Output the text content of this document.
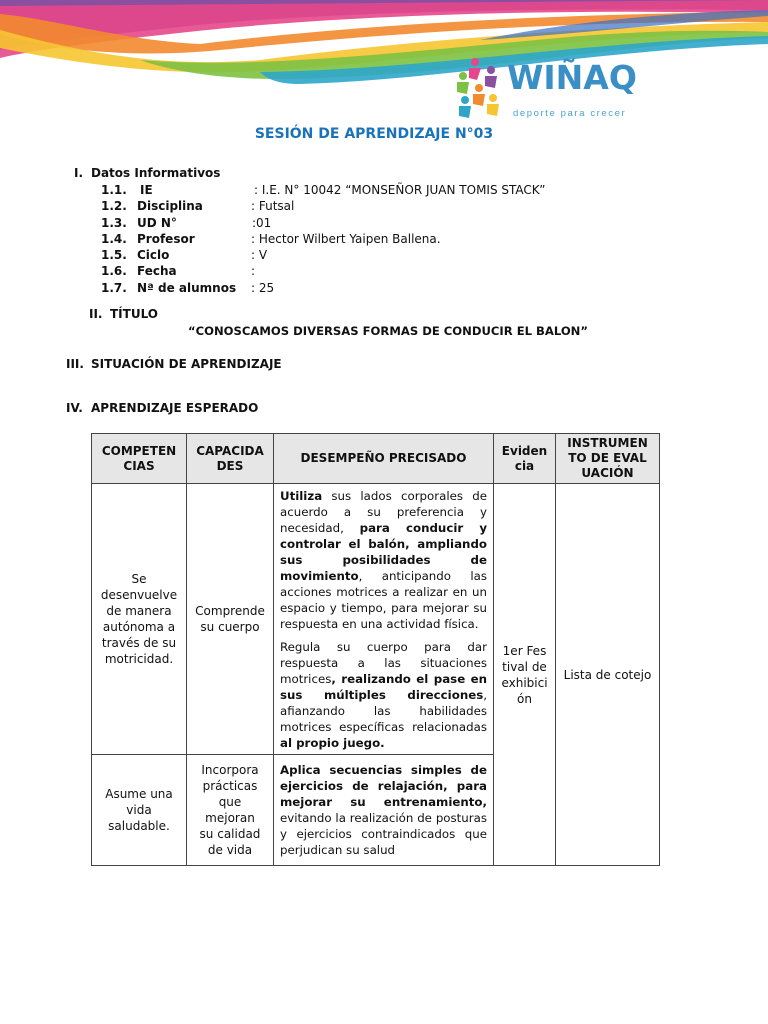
WIÑAQ
deporte para crecer
SESIÓN DE APRENDIZAJE N°03
I. Datos Informativos
1.1. IE	: I.E. N° 10042 “MONSEÑOR JUAN TOMIS STACK”
1.2. Disciplina	: Futsal
1.3. UD N°	:01
1.4. Profesor	: Hector Wilbert Yaipen Ballena.
1.5. Ciclo	: V
1.6. Fecha	:
1.7. Nª de alumnos : 25
II. TÍTULO
“CONOSCAMOS DIVERSAS FORMAS DE CONDUCIR EL BALON”
III. SITUACIÓN DE APRENDIZAJE
IV. APRENDIZAJE ESPERADO
COMPETENCIAS	CAPACIDADES	DESEMPEÑO PRECISADO	Evidencia	INSTRUMENTO DE EVALUACIÓN

Se desenvuelve de manera autónoma a través de su motricidad.	Comprende su cuerpo	Utiliza sus lados corporales de acuerdo a su preferencia y necesidad, para conducir y controlar el balón, ampliando sus posibilidades de movimiento, anticipando las acciones motrices a realizar en un espacio y tiempo, para mejorar su respuesta en una actividad física.

Regula su cuerpo para dar respuesta a las situaciones motrices, realizando el pase en sus múltiples direcciones, afianzando las habilidades motrices específicas relacionadas al propio juego.	1er Festival de exhibición	Lista de cotejo

Asume una vida saludable.	Incorpora prácticas que mejoran su calidad de vida	Aplica secuencias simples de ejercicios de relajación, para mejorar su entrenamiento, evitando la realización de posturas y ejercicios contraindicados que perjudican su salud		
